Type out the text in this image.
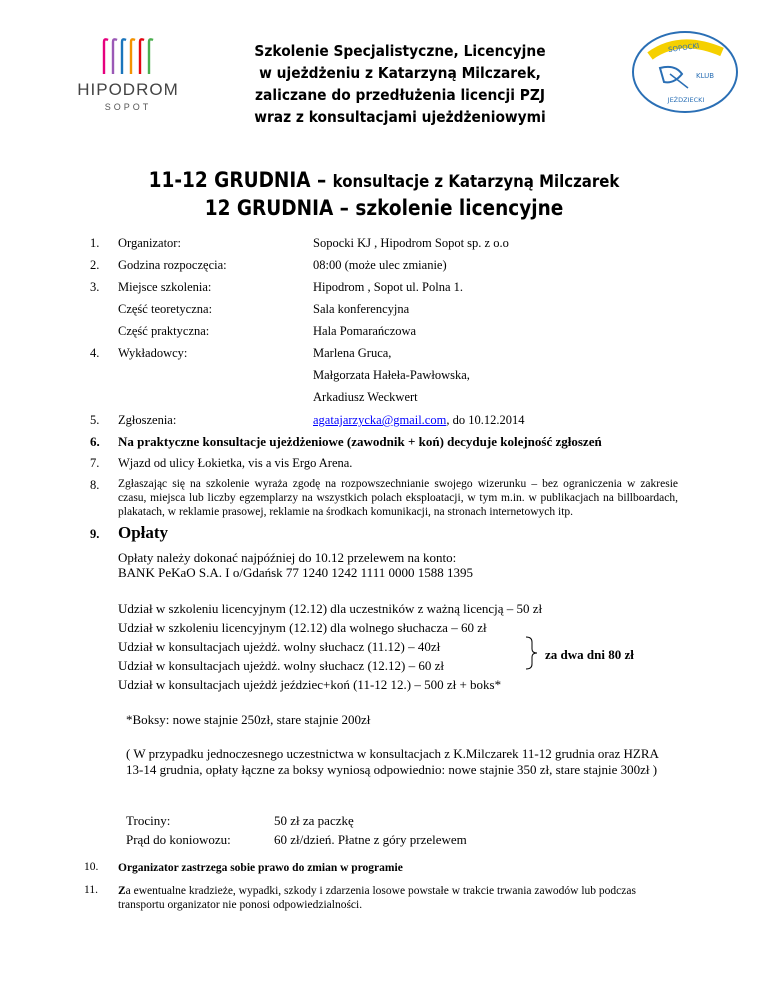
HIPODROM
SOPOT
SOPOCKI
KLUB
JEŹDZIECKI
Szkolenie Specjalistyczne, Licencyjne
w ujeżdżeniu z Katarzyną Milczarek,
zaliczane do przedłużenia licencji PZJ
wraz z konsultacjami ujeżdżeniowymi
11-12 GRUDNIA – konsultacje z Katarzyną Milczarek
12 GRUDNIA – szkolenie licencyjne
1. Organizator:	Sopocki KJ , Hipodrom Sopot sp. z o.o
2. Godzina rozpoczęcia:	08:00 (może ulec zmianie)
3. Miejsce szkolenia:	Hipodrom , Sopot ul. Polna 1.
Część teoretyczna:	Sala konferencyjna
Część praktyczna:	Hala Pomarańczowa
4. Wykładowcy:	Marlena Gruca,
Małgorzata Hałeła-Pawłowska,
Arkadiusz Weckwert
5. Zgłoszenia:	agatajarzycka@gmail.com, do 10.12.2014
6. Na praktyczne konsultacje ujeżdżeniowe (zawodnik + koń) decyduje kolejność zgłoszeń
7. Wjazd od ulicy Łokietka, vis a vis Ergo Arena.
8. Zgłaszając się na szkolenie wyraża zgodę na rozpowszechnianie swojego wizerunku – bez ograniczenia w zakresie czasu, miejsca lub liczby egzemplarzy na wszystkich polach eksploatacji, w tym m.in. w publikacjach na billboardach, plakatach, w reklamie prasowej, reklamie na środkach komunikacji, na stronach internetowych itp.
9. Opłaty
Opłaty należy dokonać najpóźniej do 10.12 przelewem na konto:
BANK PeKaO S.A. I o/Gdańsk 77 1240 1242 1111 0000 1588 1395
Udział w szkoleniu licencyjnym (12.12) dla uczestników z ważną licencją – 50 zł
Udział w szkoleniu licencyjnym (12.12) dla wolnego słuchacza – 60 zł
Udział w konsultacjach ujeżdż. wolny słuchacz (11.12) – 40zł
Udział w konsultacjach ujeżdż. wolny słuchacz (12.12) – 60 zł
Udział w konsultacjach ujeżdż jeździec+koń (11-12 12.) – 500 zł + boks*
za dwa dni 80 zł
*Boksy: nowe stajnie 250zł, stare stajnie 200zł
( W przypadku jednoczesnego uczestnictwa w konsultacjach z K.Milczarek 11-12 grudnia oraz HZRA 13-14 grudnia, opłaty łączne za boksy wyniosą odpowiednio: nowe stajnie 350 zł, stare stajnie 300zł )
Trociny:	50 zł za paczkę
Prąd do koniowozu:	60 zł/dzień. Płatne z góry przelewem
10. Organizator zastrzega sobie prawo do zmian w programie
11. Za ewentualne kradzieże, wypadki, szkody i zdarzenia losowe powstałe w trakcie trwania zawodów lub podczas transportu organizator nie ponosi odpowiedzialności.
